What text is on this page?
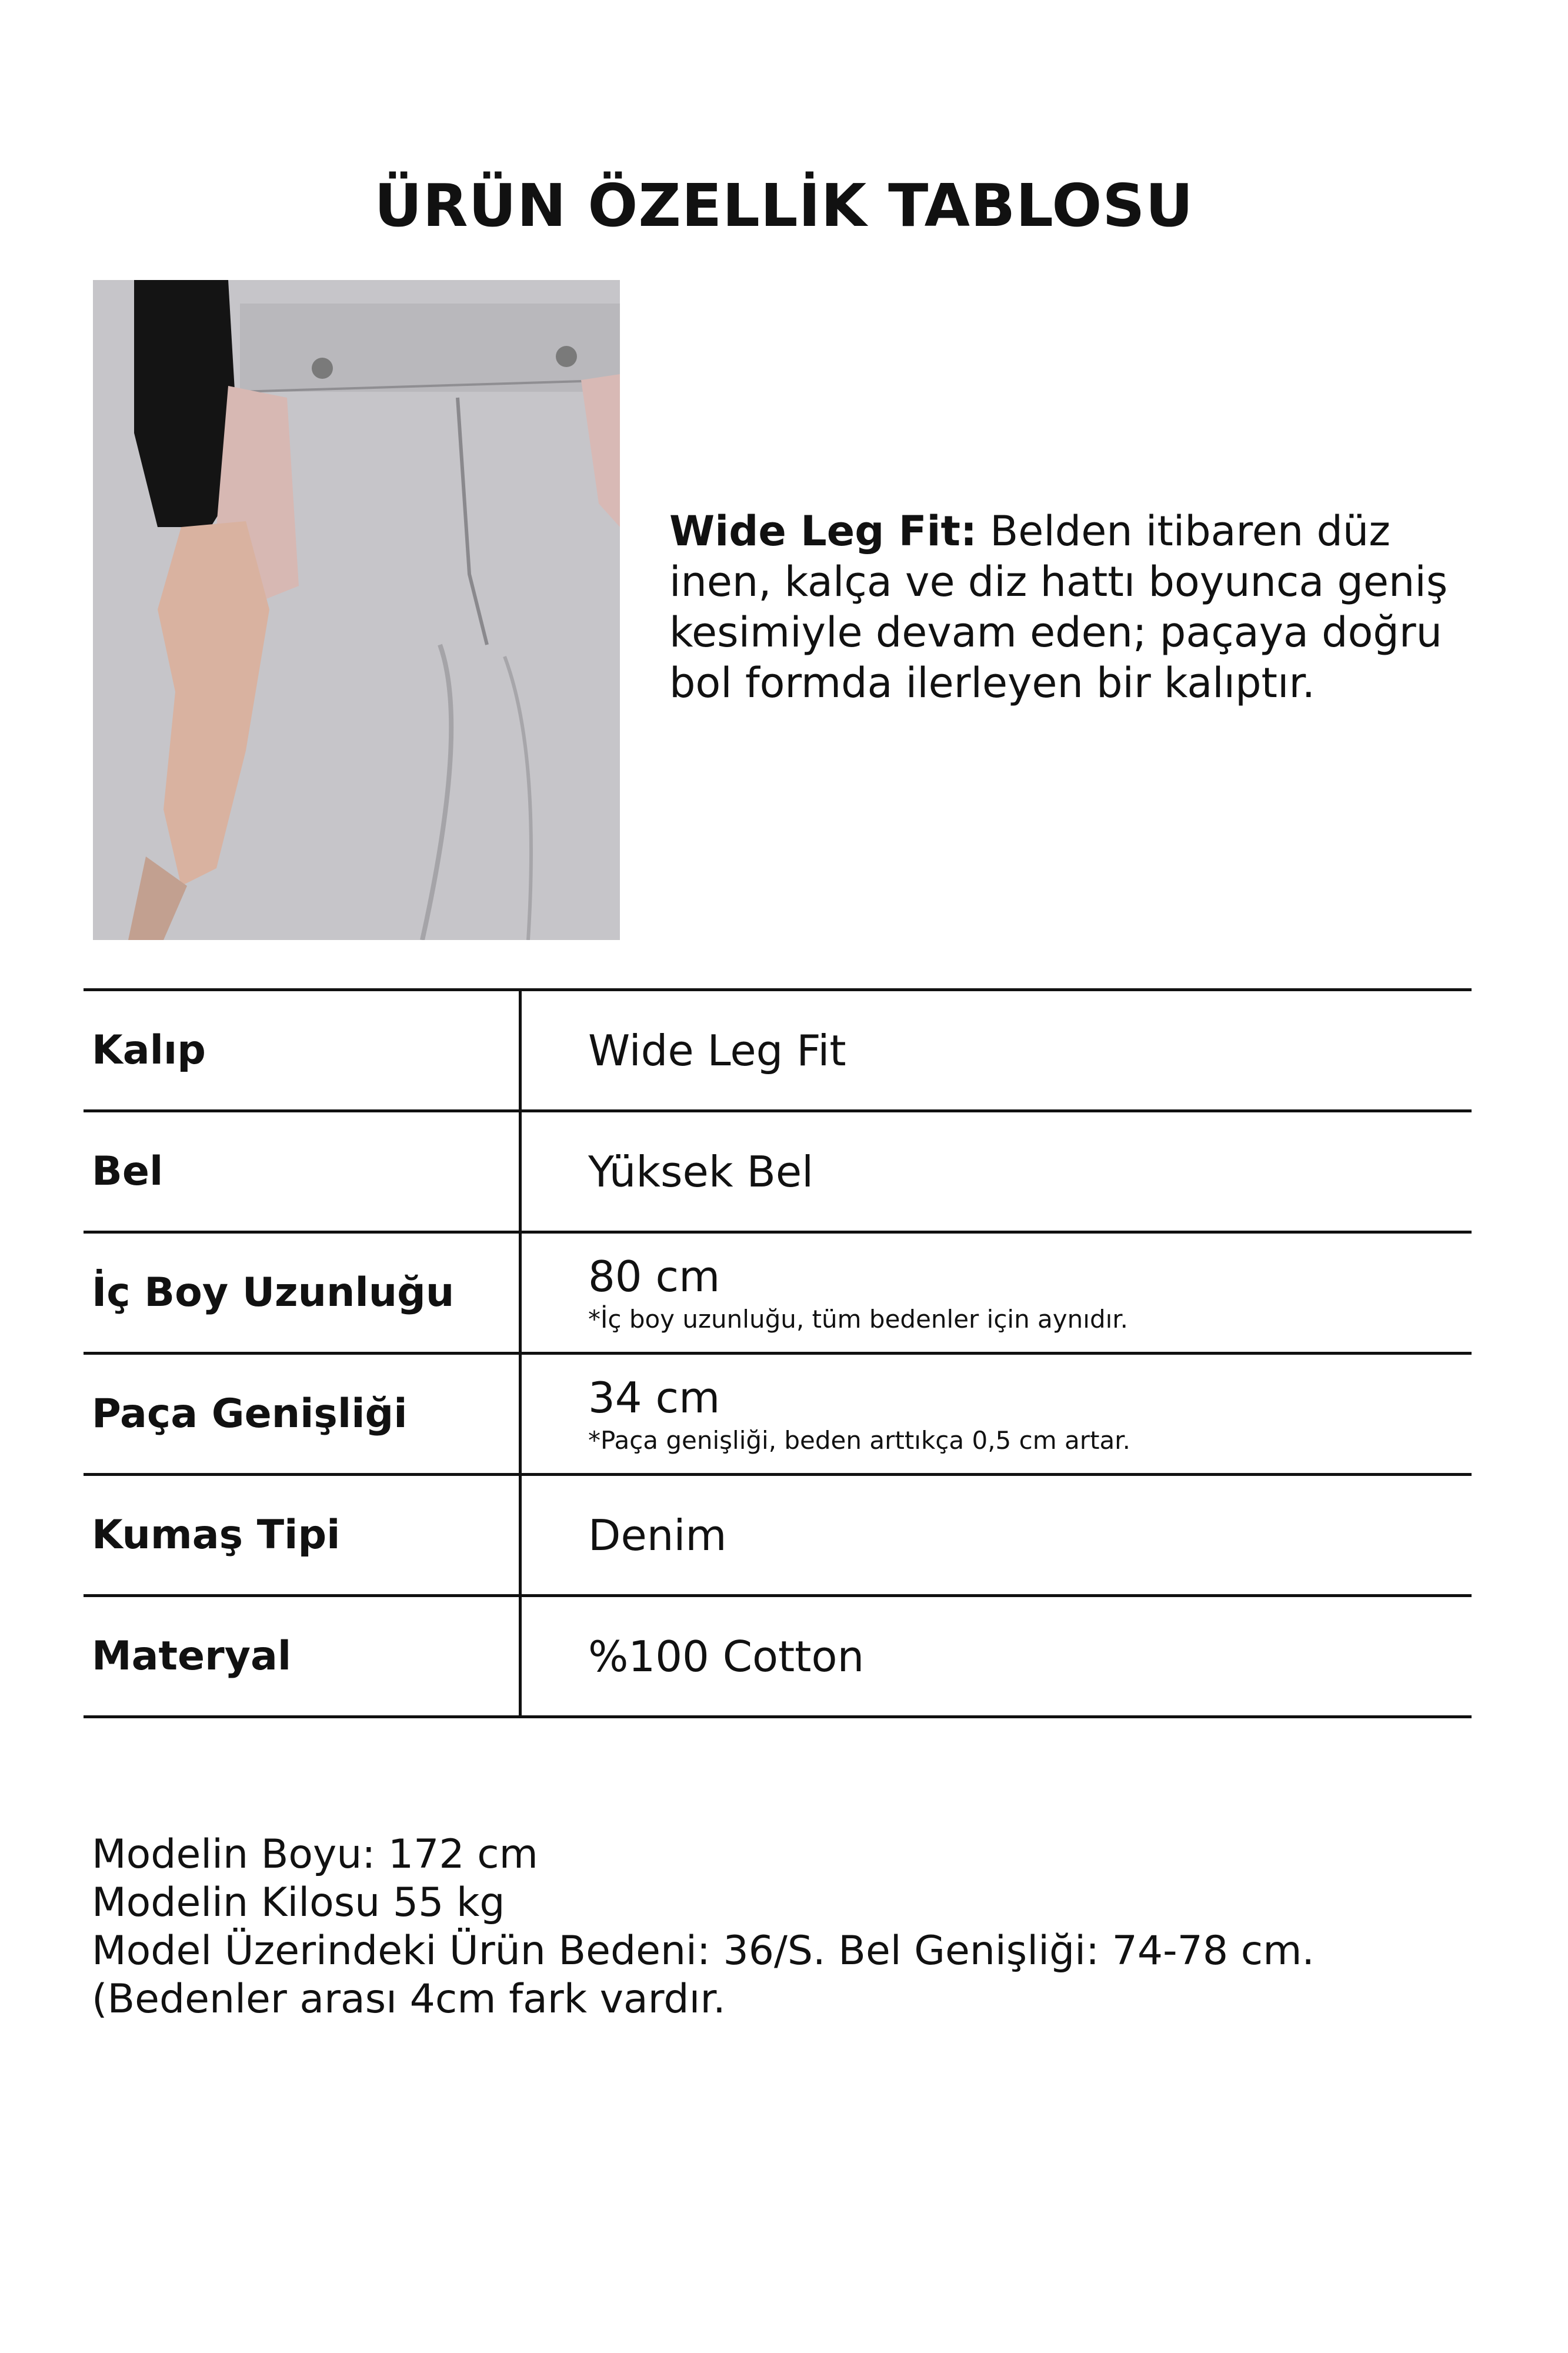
ÜRÜN ÖZELLİK TABLOSU
Wide Leg Fit: Belden itibaren düz inen, kalça ve diz hattı boyunca geniş kesimiyle devam eden; paçaya doğru bol formda ilerleyen bir kalıptır.
Kalıp	Wide Leg Fit
Bel	Yüksek Bel
İç Boy Uzunluğu	80 cm
*İç boy uzunluğu, tüm bedenler için aynıdır.
Paça Genişliği	34 cm
*Paça genişliği, beden arttıkça 0,5 cm artar.
Kumaş Tipi	Denim
Materyal	%100 Cotton
Modelin Boyu: 172 cm
Modelin Kilosu 55 kg
Model Üzerindeki Ürün Bedeni: 36/S. Bel Genişliği: 74-78 cm. (Bedenler arası 4cm fark vardır.
